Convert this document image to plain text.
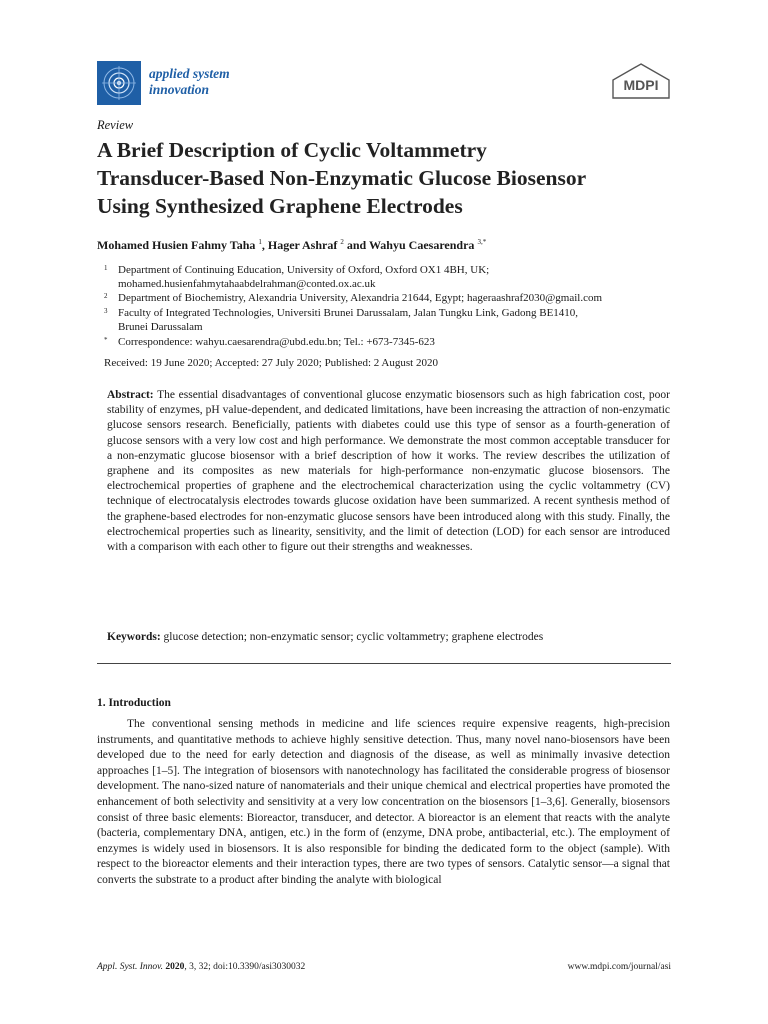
applied system
innovation	MDPI
Review
A Brief Description of Cyclic Voltammetry
Transducer-Based Non-Enzymatic Glucose Biosensor
Using Synthesized Graphene Electrodes
Mohamed Husien Fahmy Taha $^1$, Hager Ashraf $^2$ and Wahyu Caesarendra $^{3,*}$
1 Department of Continuing Education, University of Oxford, Oxford OX1 4BH, UK;
mohamed.husienfahmytahaabdelrahman@conted.ox.ac.uk
2 Department of Biochemistry, Alexandria University, Alexandria 21644, Egypt; hageraashraf2030@gmail.com
3 Faculty of Integrated Technologies, Universiti Brunei Darussalam, Jalan Tungku Link, Gadong BE1410,
Brunei Darussalam
* Correspondence: wahyu.caesarendra@ubd.edu.bn; Tel.: +673-7345-623
Received: 19 June 2020; Accepted: 27 July 2020; Published: 2 August 2020

Abstract: The essential disadvantages of conventional glucose enzymatic biosensors such as high fabrication cost, poor stability of enzymes, pH value-dependent, and dedicated limitations, have been increasing the attraction of non-enzymatic glucose sensors research. Beneficially, patients with diabetes could use this type of sensor as a fourth-generation of glucose sensors with a very low cost and high performance. We demonstrate the most common acceptable transducer for a non-enzymatic glucose biosensor with a brief description of how it works. The review describes the utilization of graphene and its composites as new materials for high-performance non-enzymatic glucose biosensors. The electrochemical properties of graphene and the electrochemical characterization using the cyclic voltammetry (CV) technique of electrocatalysis electrodes towards glucose oxidation have been summarized. A recent synthesis method of the graphene-based electrodes for non-enzymatic glucose sensors have been introduced along with this study. Finally, the electrochemical properties such as linearity, sensitivity, and the limit of detection (LOD) for each sensor are introduced with a comparison with each other to figure out their strengths and weaknesses.

Keywords: glucose detection; non-enzymatic sensor; cyclic voltammetry; graphene electrodes
1. Introduction

The conventional sensing methods in medicine and life sciences require expensive reagents, high-precision instruments, and quantitative methods to achieve highly sensitive detection. Thus, many novel nano-biosensors have been developed due to the need for early detection and diagnosis of the disease, as well as minimally invasive detection approaches [1–5]. The integration of biosensors with nanotechnology has facilitated the considerable progress of biosensor development. The nano-sized nature of nanomaterials and their unique chemical and electrical properties have promoted the enhancement of both selectivity and sensitivity at a very low concentration on the biosensors [1–3,6]. Generally, biosensors consist of three basic elements: Bioreactor, transducer, and detector. A bioreactor is an element that reacts with the analyte (bacteria, complementary DNA, antigen, etc.) in the form of (enzyme, DNA probe, antibacterial, etc.). The employment of enzymes is widely used in biosensors. It is also responsible for binding the dedicated form to the object (sample). With respect to the bioreactor elements and their interaction types, there are two types of sensors. Catalytic sensor—a signal that converts the substrate to a product after binding the analyte with biological

Appl. Syst. Innov. 2020, 3, 32; doi:10.3390/asi3030032	www.mdpi.com/journal/asi
